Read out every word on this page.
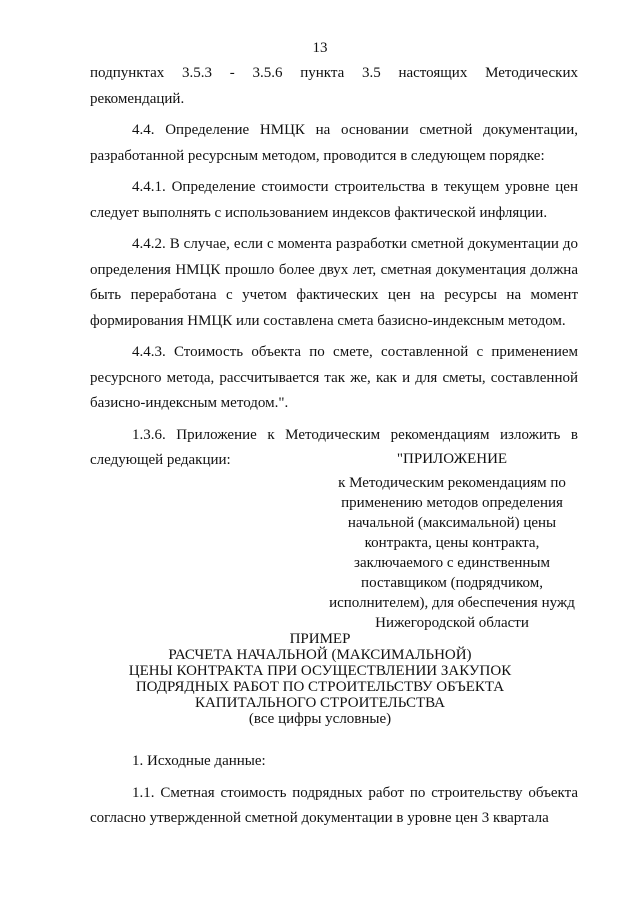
13

подпунктах 3.5.3 - 3.5.6 пункта 3.5 настоящих Методических рекомендаций.

4.4. Определение НМЦК на основании сметной документации, разработанной ресурсным методом, проводится в следующем порядке:

4.4.1. Определение стоимости строительства в текущем уровне цен следует выполнять с использованием индексов фактической инфляции.

4.4.2. В случае, если с момента разработки сметной документации до определения НМЦК прошло более двух лет, сметная документация должна быть переработана с учетом фактических цен на ресурсы на момент формирования НМЦК или составлена смета базисно-индексным методом.

4.4.3. Стоимость объекта по смете, составленной с применением ресурсного метода, рассчитывается так же, как и для сметы, составленной базисно-индексным методом.".

1.3.6. Приложение к Методическим рекомендациям изложить в следующей редакции:	"ПРИЛОЖЕНИЕ
к Методическим рекомендациям по
применению методов определения
начальной (максимальной) цены
контракта, цены контракта,
заключаемого с единственным
поставщиком (подрядчиком,
исполнителем), для обеспечения нужд
Нижегородской области
ПРИМЕР
РАСЧЕТА НАЧАЛЬНОЙ (МАКСИМАЛЬНОЙ)
ЦЕНЫ КОНТРАКТА ПРИ ОСУЩЕСТВЛЕНИИ ЗАКУПОК
ПОДРЯДНЫХ РАБОТ ПО СТРОИТЕЛЬСТВУ ОБЪЕКТА
КАПИТАЛЬНОГО СТРОИТЕЛЬСТВА
(все цифры условные)

1. Исходные данные:

1.1. Сметная стоимость подрядных работ по строительству объекта согласно утвержденной сметной документации в уровне цен 3 квартала
